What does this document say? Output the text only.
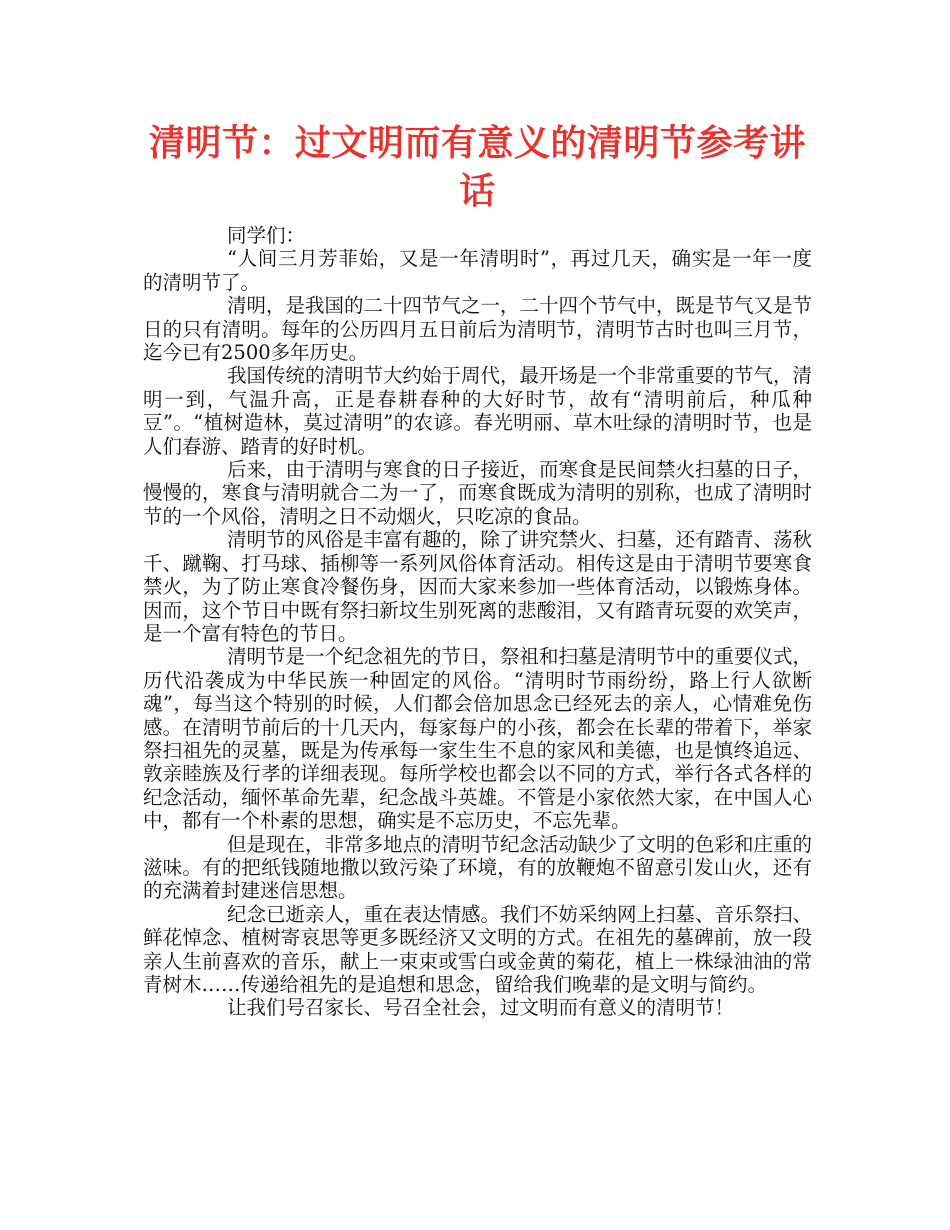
清明节：过文明而有意义的清明节参考讲话

同学们：

“人间三月芳菲始，又是一年清明时”，再过几天，确实是一年一度的清明节了。

清明，是我国的二十四节气之一，二十四个节气中，既是节气又是节日的只有清明。每年的公历四月五日前后为清明节，清明节古时也叫三月节，迄今已有2500多年历史。

我国传统的清明节大约始于周代，最开场是一个非常重要的节气，清明一到，气温升高，正是春耕春种的大好时节，故有“清明前后，种瓜种豆”。“植树造林，莫过清明”的农谚。春光明丽、草木吐绿的清明时节，也是人们春游、踏青的好时机。

后来，由于清明与寒食的日子接近，而寒食是民间禁火扫墓的日子，慢慢的，寒食与清明就合二为一了，而寒食既成为清明的别称，也成了清明时节的一个风俗，清明之日不动烟火，只吃凉的食品。

清明节的风俗是丰富有趣的，除了讲究禁火、扫墓，还有踏青、荡秋千、蹴鞠、打马球、插柳等一系列风俗体育活动。相传这是由于清明节要寒食禁火，为了防止寒食冷餐伤身，因而大家来参加一些体育活动，以锻炼身体。因而，这个节日中既有祭扫新坟生别死离的悲酸泪，又有踏青玩耍的欢笑声，是一个富有特色的节日。

清明节是一个纪念祖先的节日，祭祖和扫墓是清明节中的重要仪式，历代沿袭成为中华民族一种固定的风俗。“清明时节雨纷纷，路上行人欲断魂”，每当这个特别的时候，人们都会倍加思念已经死去的亲人，心情难免伤感。在清明节前后的十几天内，每家每户的小孩，都会在长辈的带着下，举家祭扫祖先的灵墓，既是为传承每一家生生不息的家风和美德，也是慎终追远、敦亲睦族及行孝的详细表现。每所学校也都会以不同的方式，举行各式各样的纪念活动，缅怀革命先辈，纪念战斗英雄。不管是小家依然大家，在中国人心中，都有一个朴素的思想，确实是不忘历史，不忘先辈。

但是现在，非常多地点的清明节纪念活动缺少了文明的色彩和庄重的滋味。有的把纸钱随地撒以致污染了环境，有的放鞭炮不留意引发山火，还有的充满着封建迷信思想。

纪念已逝亲人，重在表达情感。我们不妨采纳网上扫墓、音乐祭扫、鲜花悼念、植树寄哀思等更多既经济又文明的方式。在祖先的墓碑前，放一段亲人生前喜欢的音乐，献上一束束或雪白或金黄的菊花，植上一株绿油油的常青树木……传递给祖先的是追想和思念，留给我们晚辈的是文明与简约。

让我们号召家长、号召全社会，过文明而有意义的清明节！
